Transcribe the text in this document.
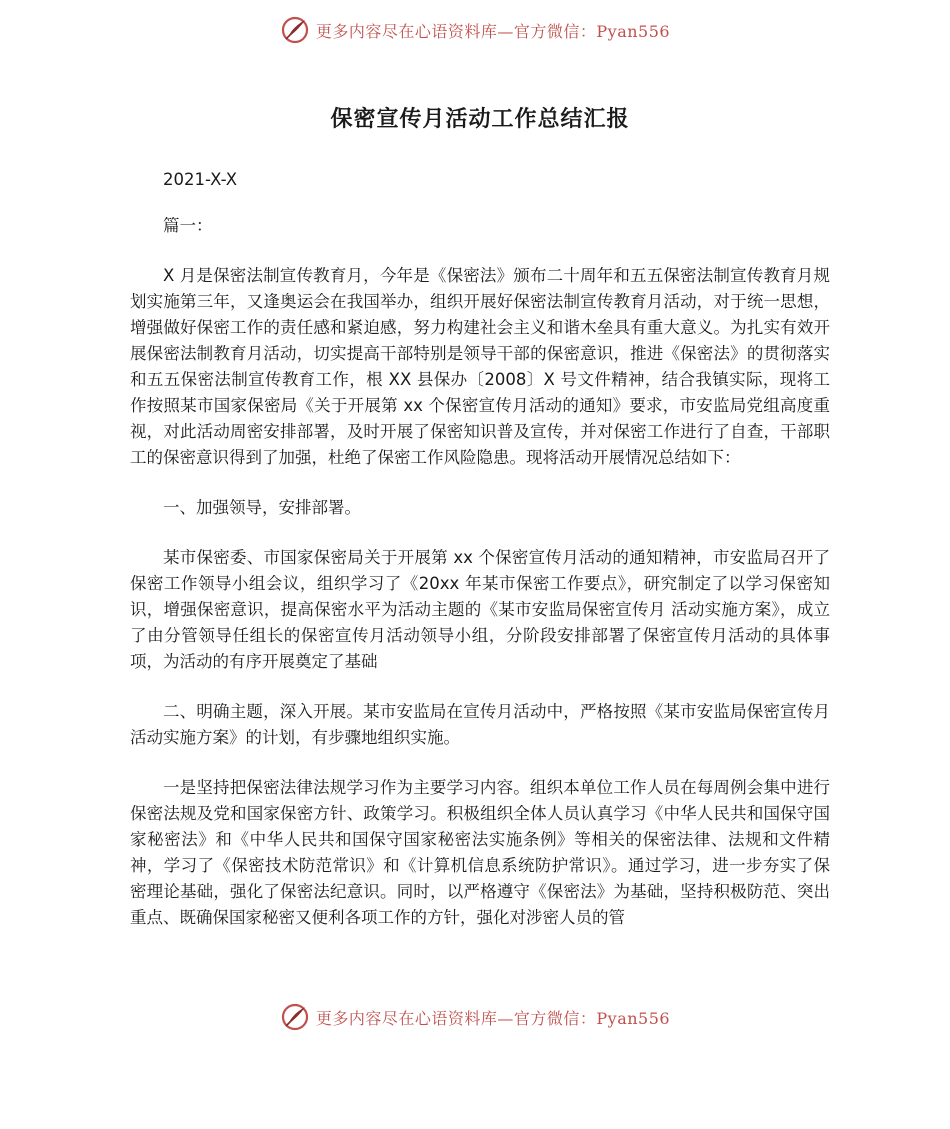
更多内容尽在心语资料库—官方微信：Pyan556
保密宣传月活动工作总结汇报

2021-X-X

篇一：

X 月是保密法制宣传教育月，今年是《保密法》颁布二十周年和五五保密法制宣传教育月规划实施第三年，又逢奥运会在我国举办，组织开展好保密法制宣传教育月活动，对于统一思想，增强做好保密工作的责任感和紧迫感，努力构建社会主义和谐木垒具有重大意义。为扎实有效开展保密法制教育月活动，切实提高干部特别是领导干部的保密意识，推进《保密法》的贯彻落实和五五保密法制宣传教育工作，根 XX 县保办〔2008〕X 号文件精神，结合我镇实际，现将工作按照某市国家保密局《关于开展第 xx 个保密宣传月活动的通知》要求，市安监局党组高度重视，对此活动周密安排部署，及时开展了保密知识普及宣传，并对保密工作进行了自查，干部职工的保密意识得到了加强，杜绝了保密工作风险隐患。现将活动开展情况总结如下：

一、加强领导，安排部署。

某市保密委、市国家保密局关于开展第 xx 个保密宣传月活动的通知精神，市安监局召开了保密工作领导小组会议，组织学习了《20xx 年某市保密工作要点》，研究制定了以学习保密知识，增强保密意识，提高保密水平为活动主题的《某市安监局保密宣传月 活动实施方案》，成立了由分管领导任组长的保密宣传月活动领导小组，分阶段安排部署了保密宣传月活动的具体事项，为活动的有序开展奠定了基础

二、明确主题，深入开展。某市安监局在宣传月活动中，严格按照《某市安监局保密宣传月活动实施方案》的计划，有步骤地组织实施。

一是坚持把保密法律法规学习作为主要学习内容。组织本单位工作人员在每周例会集中进行保密法规及党和国家保密方针、政策学习。积极组织全体人员认真学习《中华人民共和国保守国家秘密法》和《中华人民共和国保守国家秘密法实施条例》等相关的保密法律、法规和文件精神，学习了《保密技术防范常识》和《计算机信息系统防护常识》。通过学习，进一步夯实了保密理论基础，强化了保密法纪意识。同时，以严格遵守《保密法》为基础，坚持积极防范、突出重点、既确保国家秘密又便利各项工作的方针，强化对涉密人员的管

更多内容尽在心语资料库—官方微信：Pyan556
